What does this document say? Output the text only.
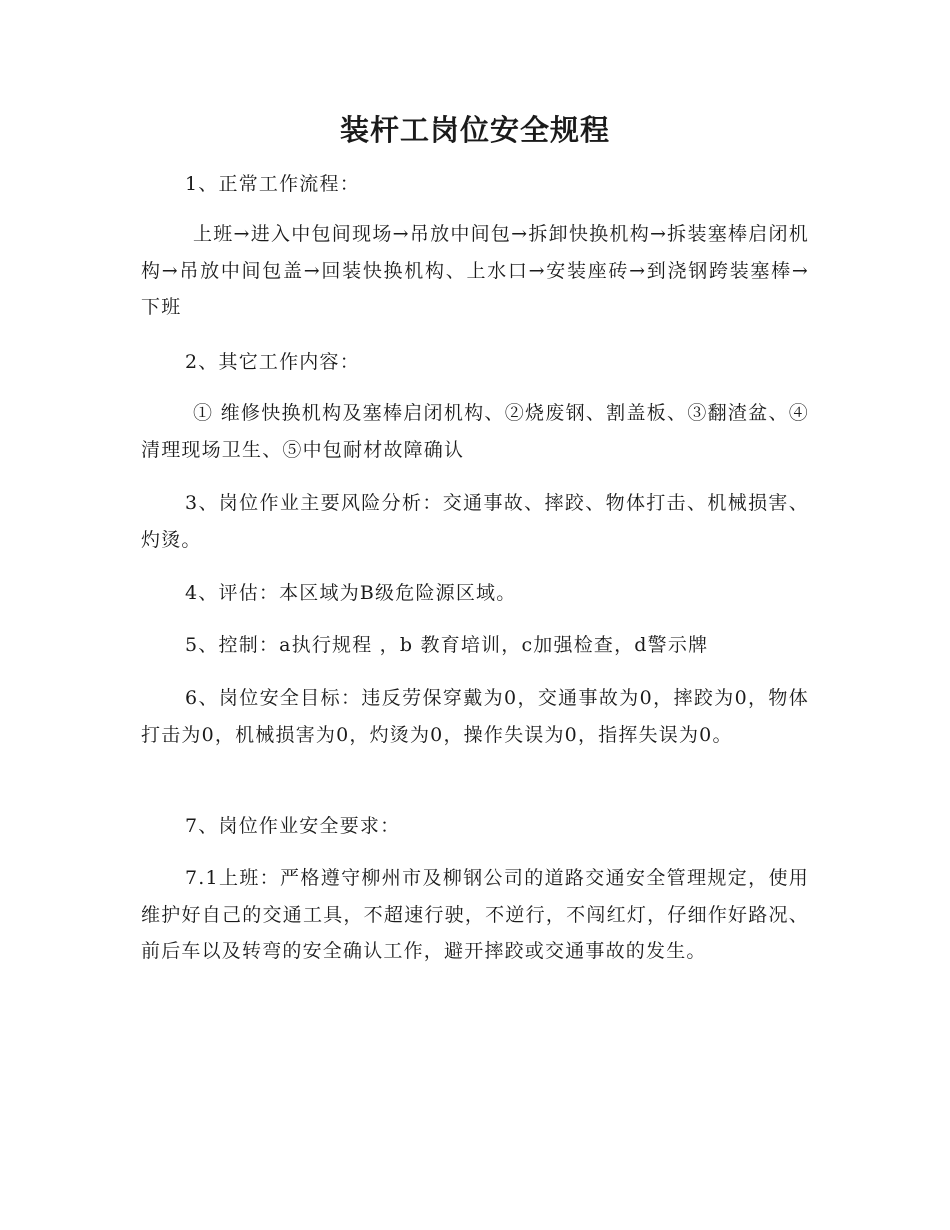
装杆工岗位安全规程

1、正常工作流程：

上班→进入中包间现场→吊放中间包→拆卸快换机构→拆装塞棒启闭机构→吊放中间包盖→回装快换机构、上水口→安装座砖→到浇钢跨装塞棒→下班

2、其它工作内容：

① 维修快换机构及塞棒启闭机构、②烧废钢、割盖板、③翻渣盆、④清理现场卫生、⑤中包耐材故障确认

3、岗位作业主要风险分析：交通事故、摔跤、物体打击、机械损害、灼烫。

4、评估：本区域为B级危险源区域。

5、控制：a执行规程 ，b 教育培训，c加强检查，d警示牌

6、岗位安全目标：违反劳保穿戴为0，交通事故为0，摔跤为0，物体打击为0，机械损害为0，灼烫为0，操作失误为0，指挥失误为0。

7、岗位作业安全要求：

7.1上班：严格遵守柳州市及柳钢公司的道路交通安全管理规定，使用维护好自己的交通工具，不超速行驶，不逆行，不闯红灯，仔细作好路况、前后车以及转弯的安全确认工作，避开摔跤或交通事故的发生。
